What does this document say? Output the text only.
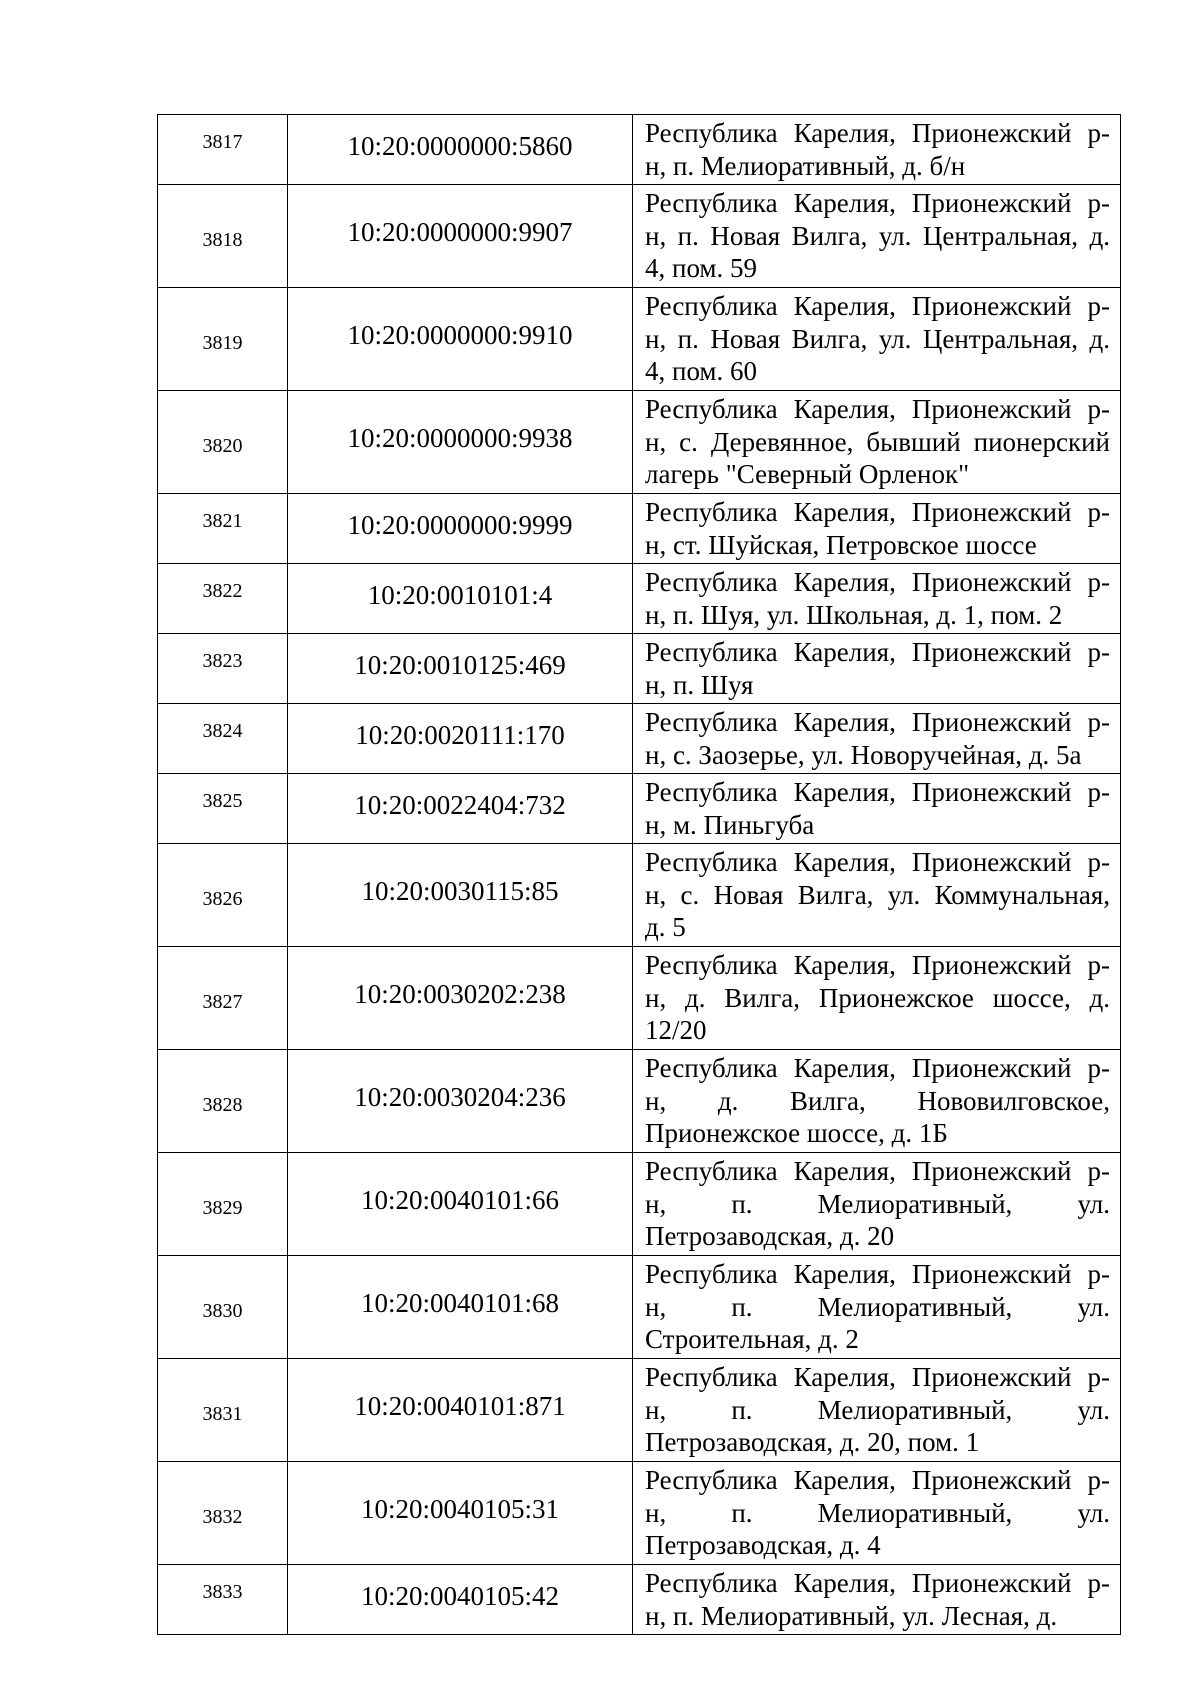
3817	10:20:0000000:5860	Республика Карелия, Прионежский р-
н, п. Мелиоративный, д. б/н

3818	10:20:0000000:9907	Республика Карелия, Прионежский р-
н, п. Новая Вилга, ул. Центральная, д.
4, пом. 59

3819	10:20:0000000:9910	Республика Карелия, Прионежский р-
н, п. Новая Вилга, ул. Центральная, д.
4, пом. 60

3820	10:20:0000000:9938	Республика Карелия, Прионежский р-
н, с. Деревянное, бывший пионерский
лагерь "Северный Орленок"

3821	10:20:0000000:9999	Республика Карелия, Прионежский р-
н, ст. Шуйская, Петровское шоссе

3822	10:20:0010101:4	Республика Карелия, Прионежский р-
н, п. Шуя, ул. Школьная, д. 1, пом. 2

3823	10:20:0010125:469	Республика Карелия, Прионежский р-
н, п. Шуя

3824	10:20:0020111:170	Республика Карелия, Прионежский р-
н, с. Заозерье, ул. Новоручейная, д. 5а

3825	10:20:0022404:732	Республика Карелия, Прионежский р-
н, м. Пиньгуба

3826	10:20:0030115:85	Республика Карелия, Прионежский р-
н, с. Новая Вилга, ул. Коммунальная,
д. 5

3827	10:20:0030202:238	Республика Карелия, Прионежский р-
н, д. Вилга, Прионежское шоссе, д.
12/20

3828	10:20:0030204:236	Республика Карелия, Прионежский р-
н, д. Вилга, Нововилговское,
Прионежское шоссе, д. 1Б

3829	10:20:0040101:66	Республика Карелия, Прионежский р-
н, п. Мелиоративный, ул.
Петрозаводская, д. 20

3830	10:20:0040101:68	Республика Карелия, Прионежский р-
н, п. Мелиоративный, ул.
Строительная, д. 2

3831	10:20:0040101:871	Республика Карелия, Прионежский р-
н, п. Мелиоративный, ул.
Петрозаводская, д. 20, пом. 1

3832	10:20:0040105:31	Республика Карелия, Прионежский р-
н, п. Мелиоративный, ул.
Петрозаводская, д. 4

3833	10:20:0040105:42	Республика Карелия, Прионежский р-
н, п. Мелиоративный, ул. Лесная, д.
